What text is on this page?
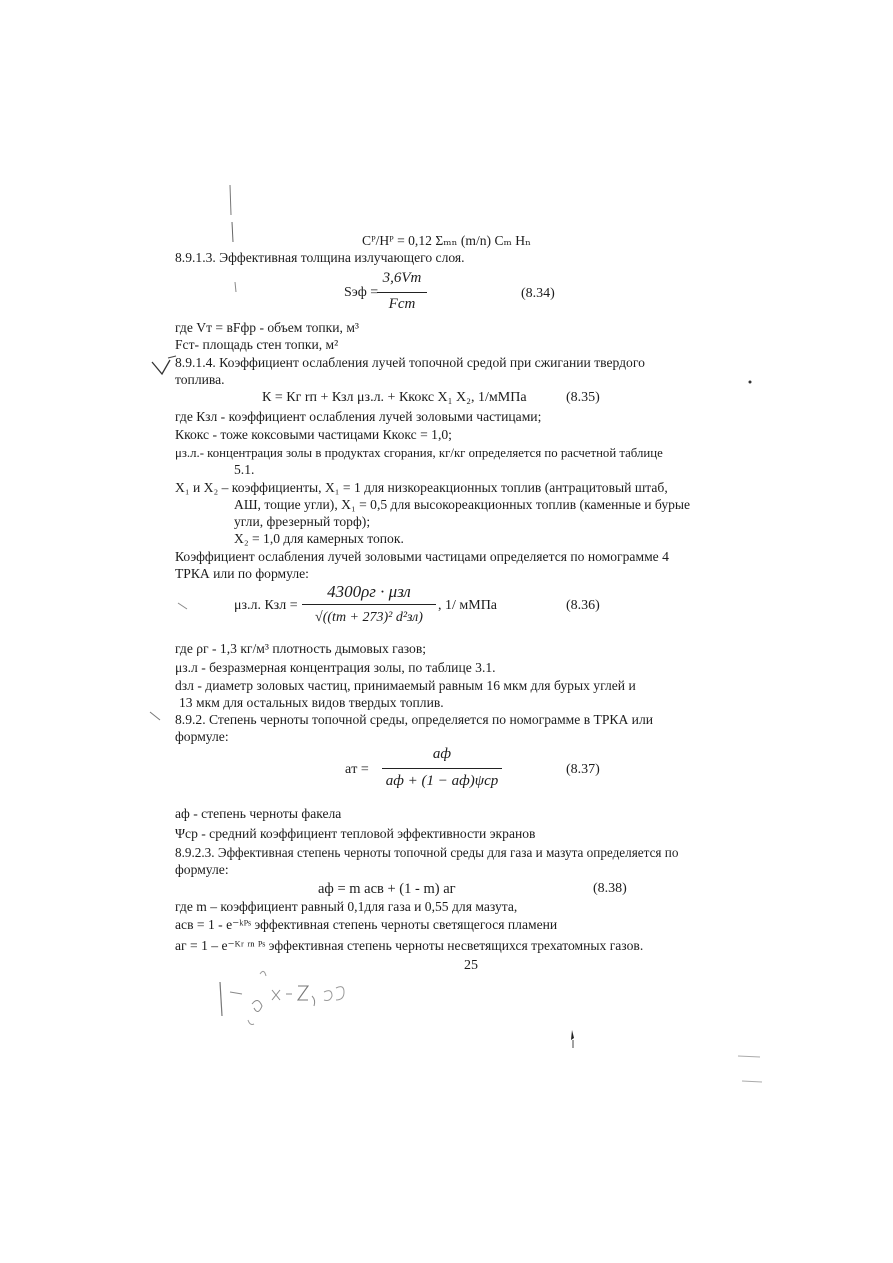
Cᴾ/Hᴾ = 0,12 Σₘₙ (m/n) Cₘ Hₙ
8.9.1.3. Эффективная толщина излучающего слоя.
Sэф =
3,6Vт
Fст
(8.34)
где Vт = вFфр - объем топки, м³
Fст- площадь стен топки, м²
8.9.1.4. Коэффициент ослабления лучей топочной средой при сжигании твердого
топлива.
К = Кг rп + Кзл μз.л. + Ккокс X₁ X₂, 1/мМПа	(8.35)
где Кзл - коэффициент ослабления лучей золовыми частицами;
Ккокс - тоже коксовыми частицами Ккокс = 1,0;
μз.л.- концентрация золы в продуктах сгорания, кг/кг определяется по расчетной таблице
5.1.
X₁ и X₂ – коэффициенты, X₁ = 1 для низкореакционных топлив (антрацитовый штаб,
АШ, тощие угли), X₁ = 0,5 для высокореакционных топлив (каменные и бурые
угли, фрезерный торф);
X₂ = 1,0 для камерных топок.
Коэффициент ослабления лучей золовыми частицами определяется по номограмме 4
ТРКА или по формуле:
μз.л. Кзл =
4300ρг · μзл
√((tт + 273)² d²зл)
, 1/ мМПа	(8.36)
где ρг - 1,3 кг/м³ плотность дымовых газов;
μз.л - безразмерная концентрация золы, по таблице 3.1.
dзл - диаметр золовых частиц, принимаемый равным 16 мкм для бурых углей и
13 мкм для остальных видов твердых топлив.
8.9.2. Степень черноты топочной среды, определяется по номограмме в ТРКА или
формуле:
aт =
aф
aф + (1 − aф)ψср
(8.37)
aф - степень черноты факела
Ψср - средний коэффициент тепловой эффективности экранов
8.9.2.3. Эффективная степень черноты топочной среды для газа и мазута определяется по
формуле:
aф = m aсв + (1 - m) aг	(8.38)
где m – коэффициент равный 0,1для газа и 0,55 для мазута,
aсв = 1 - e⁻ᵏᴾˢ эффективная степень черноты светящегося пламени
aг = 1 – e⁻ᴷʳ ʳⁿ ᴾˢ эффективная степень черноты несветящихся трехатомных газов.
25
